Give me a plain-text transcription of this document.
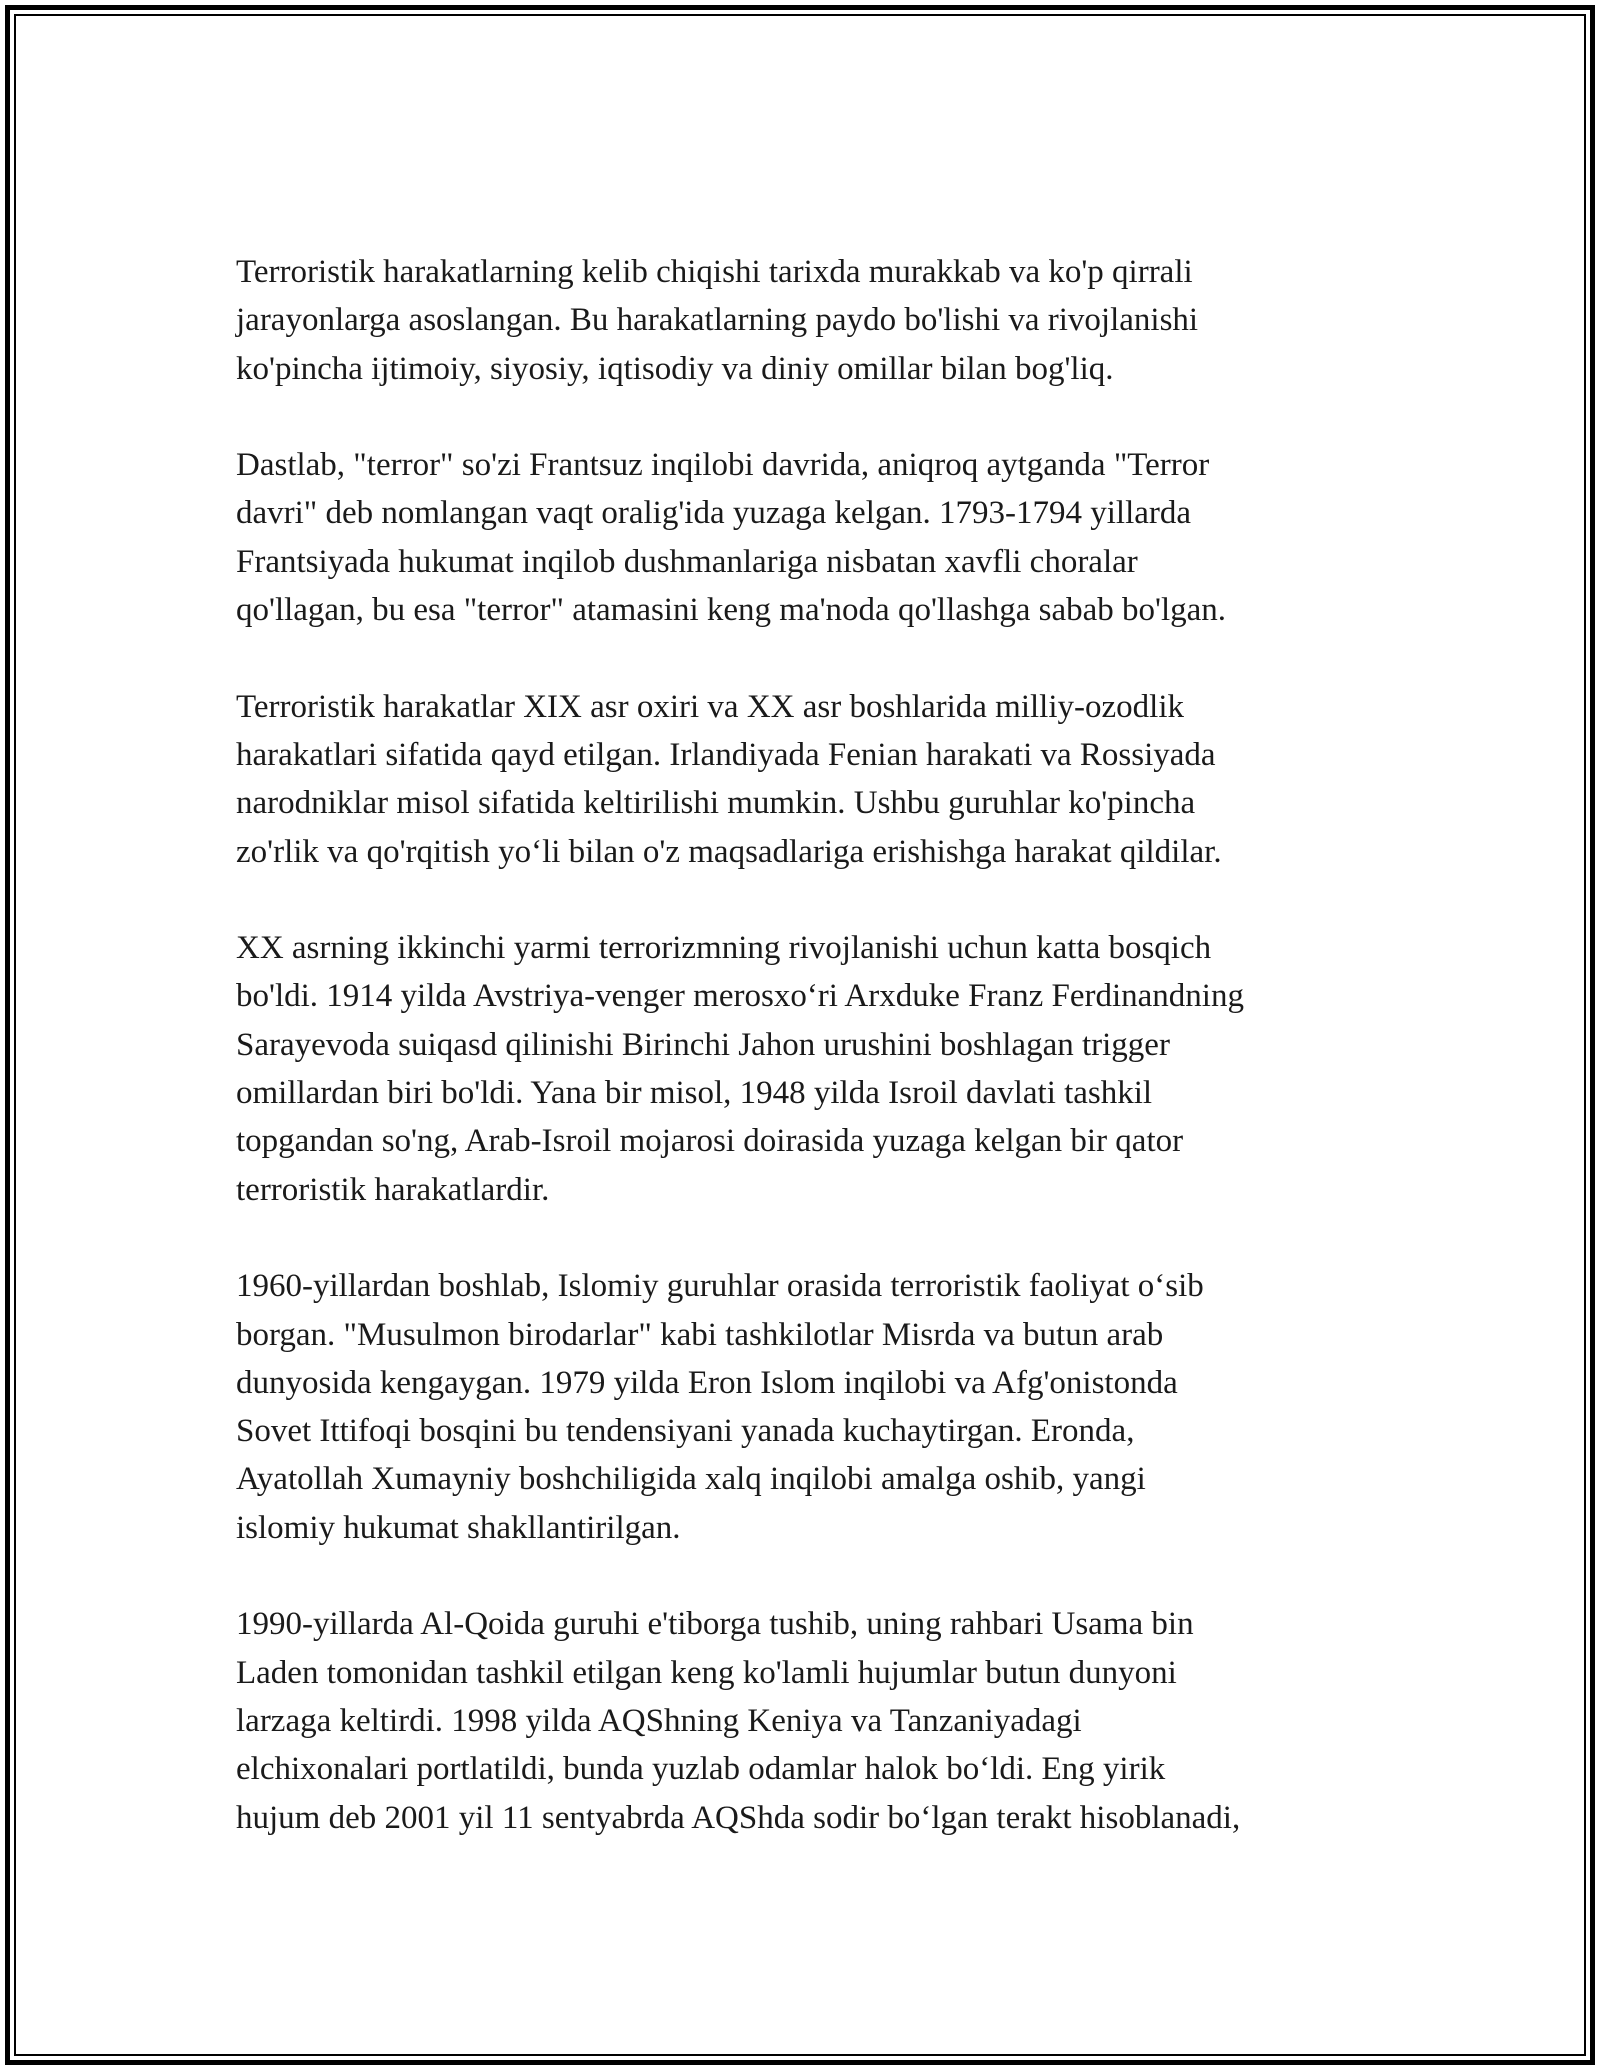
Terroristik harakatlarning kelib chiqishi tarixda murakkab va ko'p qirrali
jarayonlarga asoslangan. Bu harakatlarning paydo bo'lishi va rivojlanishi
ko'pincha ijtimoiy, siyosiy, iqtisodiy va diniy omillar bilan bog'liq.

Dastlab, "terror" so'zi Frantsuz inqilobi davrida, aniqroq aytganda "Terror
davri" deb nomlangan vaqt oralig'ida yuzaga kelgan. 1793-1794 yillarda
Frantsiyada hukumat inqilob dushmanlariga nisbatan xavfli choralar
qo'llagan, bu esa "terror" atamasini keng ma'noda qo'llashga sabab bo'lgan.

Terroristik harakatlar XIX asr oxiri va XX asr boshlarida milliy-ozodlik
harakatlari sifatida qayd etilgan. Irlandiyada Fenian harakati va Rossiyada
narodniklar misol sifatida keltirilishi mumkin. Ushbu guruhlar ko'pincha
zo'rlik va qo'rqitish yo‘li bilan o'z maqsadlariga erishishga harakat qildilar.

XX asrning ikkinchi yarmi terrorizmning rivojlanishi uchun katta bosqich
bo'ldi. 1914 yilda Avstriya-venger merosxo‘ri Arxduke Franz Ferdinandning
Sarayevoda suiqasd qilinishi Birinchi Jahon urushini boshlagan trigger
omillardan biri bo'ldi. Yana bir misol, 1948 yilda Isroil davlati tashkil
topgandan so'ng, Arab-Isroil mojarosi doirasida yuzaga kelgan bir qator
terroristik harakatlardir.

1960-yillardan boshlab, Islomiy guruhlar orasida terroristik faoliyat o‘sib
borgan. "Musulmon birodarlar" kabi tashkilotlar Misrda va butun arab
dunyosida kengaygan. 1979 yilda Eron Islom inqilobi va Afg'onistonda
Sovet Ittifoqi bosqini bu tendensiyani yanada kuchaytirgan. Eronda,
Ayatollah Xumayniy boshchiligida xalq inqilobi amalga oshib, yangi
islomiy hukumat shakllantirilgan.

1990-yillarda Al-Qoida guruhi e'tiborga tushib, uning rahbari Usama bin
Laden tomonidan tashkil etilgan keng ko'lamli hujumlar butun dunyoni
larzaga keltirdi. 1998 yilda AQShning Keniya va Tanzaniyadagi
elchixonalari portlatildi, bunda yuzlab odamlar halok bo‘ldi. Eng yirik
hujum deb 2001 yil 11 sentyabrda AQShda sodir bo‘lgan terakt hisoblanadi,
